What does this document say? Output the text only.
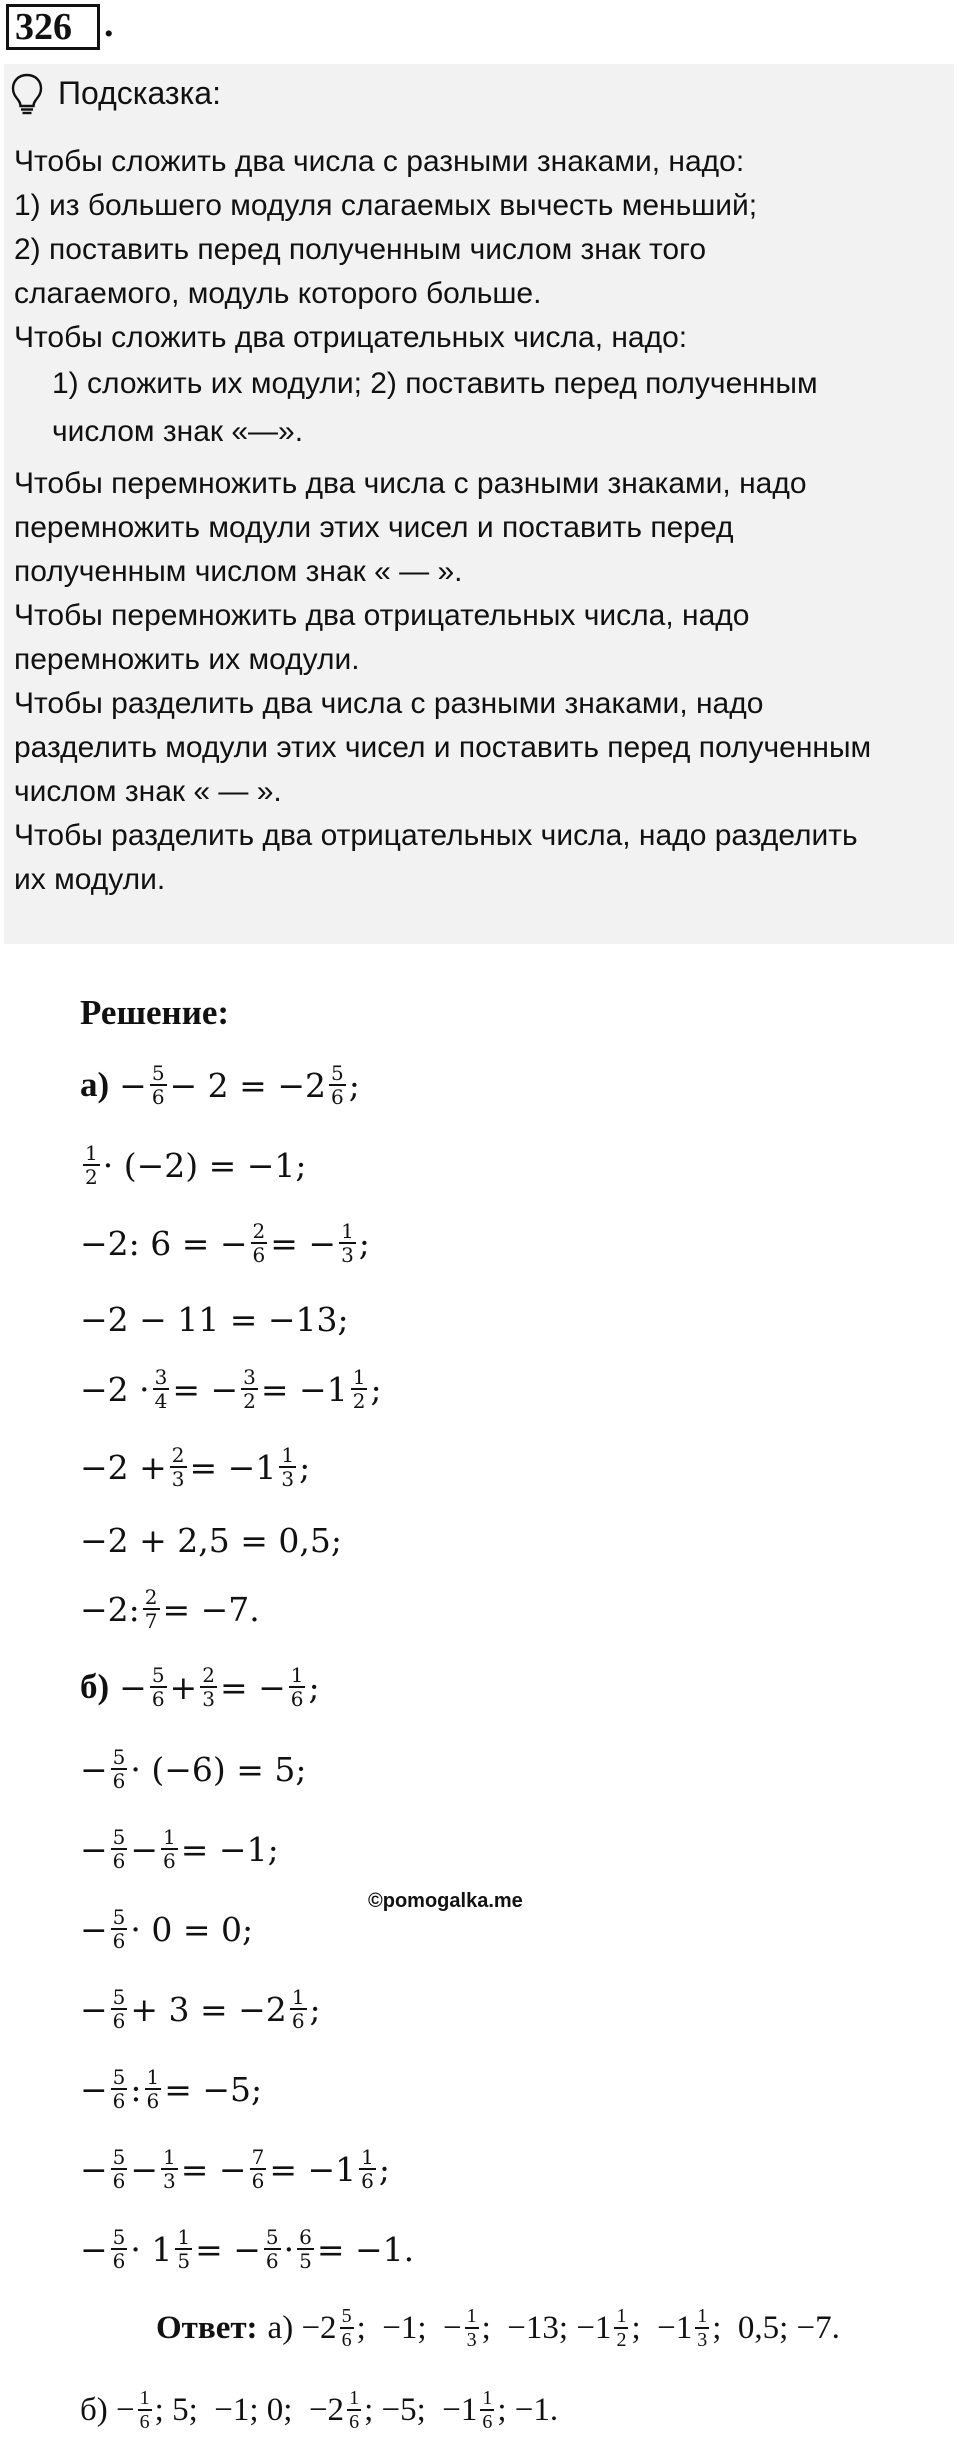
326 .
Подсказка:
Чтобы сложить два числа с разными знаками, надо:
1) из большего модуля слагаемых вычесть меньший;
2) поставить перед полученным числом знак того
слагаемого, модуль которого больше.
Чтобы сложить два отрицательных числа, надо:
1) сложить их модули; 2) поставить перед полученным
числом знак «—».
Чтобы перемножить два числа с разными знаками, надо
перемножить модули этих чисел и поставить перед
полученным числом знак « — ».
Чтобы перемножить два отрицательных числа, надо
перемножить их модули.
Чтобы разделить два числа с разными знаками, надо
разделить модули этих чисел и поставить перед полученным
числом знак « — ».
Чтобы разделить два отрицательных числа, надо разделить
их модули.
Решение:
а) − 5
6 − 2 = −2 5
6 ;
1
2 · (−2) = −1;
−2: 6 = − 2
6 = − 1
3 ;
−2 − 11 = −13;
−2 · 3
4 = − 3
2 = −1 1
2 ;
−2 + 2
3 = −1 1
3 ;
−2 + 2,5 = 0,5;
−2: 2
7 = −7.
б) − 5
6 + 2
3 = − 1
6 ;
− 5
6 · (−6) = 5;
− 5
6 − 1
6 = −1;
− 5
6 · 0 = 0;
− 5
6 + 3 = −2 1
6 ;
− 5
6 : 1
6 = −5;
− 5
6 − 1
3 = − 7
6 = −1 1
6 ;
− 5
6 · 1 1
5 = − 5
6 · 6
5 = −1.
©pomogalka.me
Ответ: а) −2 5
6 ;  −1;  − 1
3 ;  −13; −1 1
2 ;  −1 1
3 ;  0,5; −7.
б) − 1
6 ; 5;  −1; 0;  −2 1
6 ; −5;  −1 1
6 ; −1.
